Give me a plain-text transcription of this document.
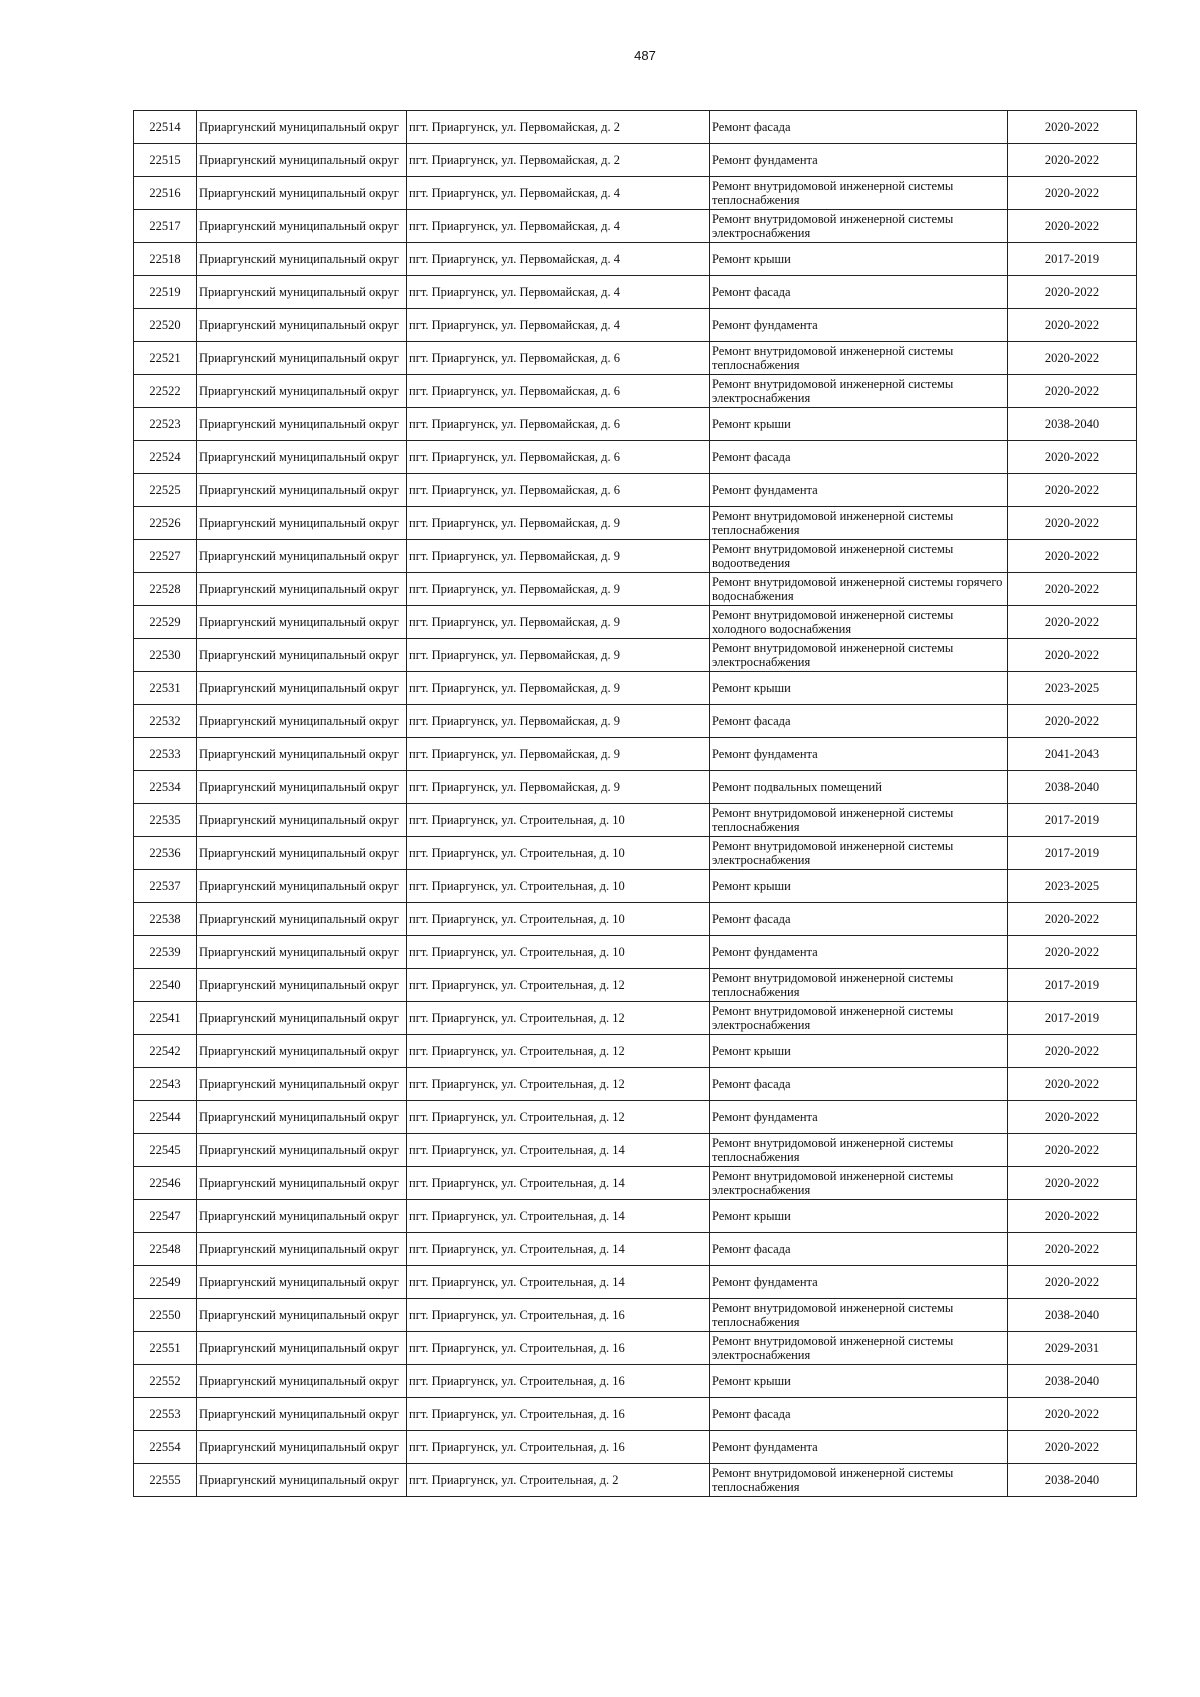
487
22514	Приаргунский муниципальный округ	пгт. Приаргунск, ул. Первомайская, д. 2	Ремонт фасада	2020-2022
22515	Приаргунский муниципальный округ	пгт. Приаргунск, ул. Первомайская, д. 2	Ремонт фундамента	2020-2022
22516	Приаргунский муниципальный округ	пгт. Приаргунск, ул. Первомайская, д. 4	Ремонт внутридомовой инженерной системы теплоснабжения	2020-2022
22517	Приаргунский муниципальный округ	пгт. Приаргунск, ул. Первомайская, д. 4	Ремонт внутридомовой инженерной системы электроснабжения	2020-2022
22518	Приаргунский муниципальный округ	пгт. Приаргунск, ул. Первомайская, д. 4	Ремонт крыши	2017-2019
22519	Приаргунский муниципальный округ	пгт. Приаргунск, ул. Первомайская, д. 4	Ремонт фасада	2020-2022
22520	Приаргунский муниципальный округ	пгт. Приаргунск, ул. Первомайская, д. 4	Ремонт фундамента	2020-2022
22521	Приаргунский муниципальный округ	пгт. Приаргунск, ул. Первомайская, д. 6	Ремонт внутридомовой инженерной системы теплоснабжения	2020-2022
22522	Приаргунский муниципальный округ	пгт. Приаргунск, ул. Первомайская, д. 6	Ремонт внутридомовой инженерной системы электроснабжения	2020-2022
22523	Приаргунский муниципальный округ	пгт. Приаргунск, ул. Первомайская, д. 6	Ремонт крыши	2038-2040
22524	Приаргунский муниципальный округ	пгт. Приаргунск, ул. Первомайская, д. 6	Ремонт фасада	2020-2022
22525	Приаргунский муниципальный округ	пгт. Приаргунск, ул. Первомайская, д. 6	Ремонт фундамента	2020-2022
22526	Приаргунский муниципальный округ	пгт. Приаргунск, ул. Первомайская, д. 9	Ремонт внутридомовой инженерной системы теплоснабжения	2020-2022
22527	Приаргунский муниципальный округ	пгт. Приаргунск, ул. Первомайская, д. 9	Ремонт внутридомовой инженерной системы водоотведения	2020-2022
22528	Приаргунский муниципальный округ	пгт. Приаргунск, ул. Первомайская, д. 9	Ремонт внутридомовой инженерной системы горячего водоснабжения	2020-2022
22529	Приаргунский муниципальный округ	пгт. Приаргунск, ул. Первомайская, д. 9	Ремонт внутридомовой инженерной системы холодного водоснабжения	2020-2022
22530	Приаргунский муниципальный округ	пгт. Приаргунск, ул. Первомайская, д. 9	Ремонт внутридомовой инженерной системы электроснабжения	2020-2022
22531	Приаргунский муниципальный округ	пгт. Приаргунск, ул. Первомайская, д. 9	Ремонт крыши	2023-2025
22532	Приаргунский муниципальный округ	пгт. Приаргунск, ул. Первомайская, д. 9	Ремонт фасада	2020-2022
22533	Приаргунский муниципальный округ	пгт. Приаргунск, ул. Первомайская, д. 9	Ремонт фундамента	2041-2043
22534	Приаргунский муниципальный округ	пгт. Приаргунск, ул. Первомайская, д. 9	Ремонт подвальных помещений	2038-2040
22535	Приаргунский муниципальный округ	пгт. Приаргунск, ул. Строительная, д. 10	Ремонт внутридомовой инженерной системы теплоснабжения	2017-2019
22536	Приаргунский муниципальный округ	пгт. Приаргунск, ул. Строительная, д. 10	Ремонт внутридомовой инженерной системы электроснабжения	2017-2019
22537	Приаргунский муниципальный округ	пгт. Приаргунск, ул. Строительная, д. 10	Ремонт крыши	2023-2025
22538	Приаргунский муниципальный округ	пгт. Приаргунск, ул. Строительная, д. 10	Ремонт фасада	2020-2022
22539	Приаргунский муниципальный округ	пгт. Приаргунск, ул. Строительная, д. 10	Ремонт фундамента	2020-2022
22540	Приаргунский муниципальный округ	пгт. Приаргунск, ул. Строительная, д. 12	Ремонт внутридомовой инженерной системы теплоснабжения	2017-2019
22541	Приаргунский муниципальный округ	пгт. Приаргунск, ул. Строительная, д. 12	Ремонт внутридомовой инженерной системы электроснабжения	2017-2019
22542	Приаргунский муниципальный округ	пгт. Приаргунск, ул. Строительная, д. 12	Ремонт крыши	2020-2022
22543	Приаргунский муниципальный округ	пгт. Приаргунск, ул. Строительная, д. 12	Ремонт фасада	2020-2022
22544	Приаргунский муниципальный округ	пгт. Приаргунск, ул. Строительная, д. 12	Ремонт фундамента	2020-2022
22545	Приаргунский муниципальный округ	пгт. Приаргунск, ул. Строительная, д. 14	Ремонт внутридомовой инженерной системы теплоснабжения	2020-2022
22546	Приаргунский муниципальный округ	пгт. Приаргунск, ул. Строительная, д. 14	Ремонт внутридомовой инженерной системы электроснабжения	2020-2022
22547	Приаргунский муниципальный округ	пгт. Приаргунск, ул. Строительная, д. 14	Ремонт крыши	2020-2022
22548	Приаргунский муниципальный округ	пгт. Приаргунск, ул. Строительная, д. 14	Ремонт фасада	2020-2022
22549	Приаргунский муниципальный округ	пгт. Приаргунск, ул. Строительная, д. 14	Ремонт фундамента	2020-2022
22550	Приаргунский муниципальный округ	пгт. Приаргунск, ул. Строительная, д. 16	Ремонт внутридомовой инженерной системы теплоснабжения	2038-2040
22551	Приаргунский муниципальный округ	пгт. Приаргунск, ул. Строительная, д. 16	Ремонт внутридомовой инженерной системы электроснабжения	2029-2031
22552	Приаргунский муниципальный округ	пгт. Приаргунск, ул. Строительная, д. 16	Ремонт крыши	2038-2040
22553	Приаргунский муниципальный округ	пгт. Приаргунск, ул. Строительная, д. 16	Ремонт фасада	2020-2022
22554	Приаргунский муниципальный округ	пгт. Приаргунск, ул. Строительная, д. 16	Ремонт фундамента	2020-2022
22555	Приаргунский муниципальный округ	пгт. Приаргунск, ул. Строительная, д. 2	Ремонт внутридомовой инженерной системы теплоснабжения	2038-2040
